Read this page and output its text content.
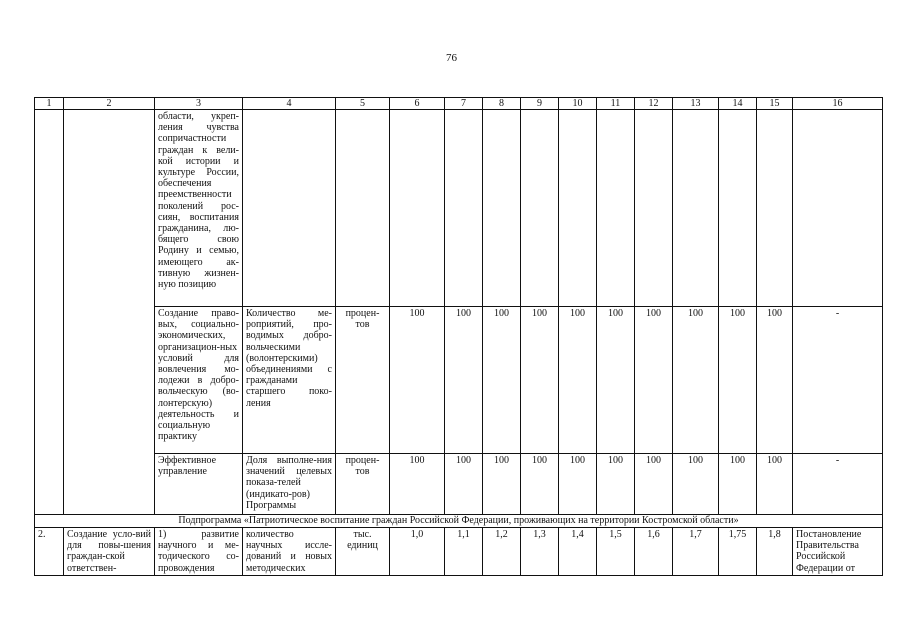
76
1	2	3	4	5	6	7	8	9	10	11	12	13	14	15	16
		области, укреп-ления чувства сопричастности граждан к вели-кой истории и культуре России, обеспечения преемственности поколений рос-сиян, воспитания гражданина, лю-бящего свою Родину и семью, имеющего ак-тивную жизнен-ную позицию													
		Создание право-вых, социально-экономических, организацион-ных условий для вовлечения мо-лодежи в добро-вольческую (во-лонтерскую) деятельность и социальную практику	Количество ме-роприятий, про-водимых добро-вольческими (волонтерскими) объединениями с гражданами старшего поко-ления	процен-тов	100	100	100	100	100	100	100	100	100	100	-
		Эффективное управление	Доля выполне-ния значений целевых показа-телей (индикато-ров) Программы	процен-тов	100	100	100	100	100	100	100	100	100	100	-
Подпрограмма «Патриотическое воспитание граждан Российской Федерации, проживающих на территории Костромской области»															
2.	Создание усло-вий для повы-шения граждан-ской ответствен-	1) развитие научного и ме-тодического со-провождения	количество научных иссле-дований и новых методических	тыс. единиц	1,0	1,1	1,2	1,3	1,4	1,5	1,6	1,7	1,75	1,8	Постановление Правительства Российской Федерации от
